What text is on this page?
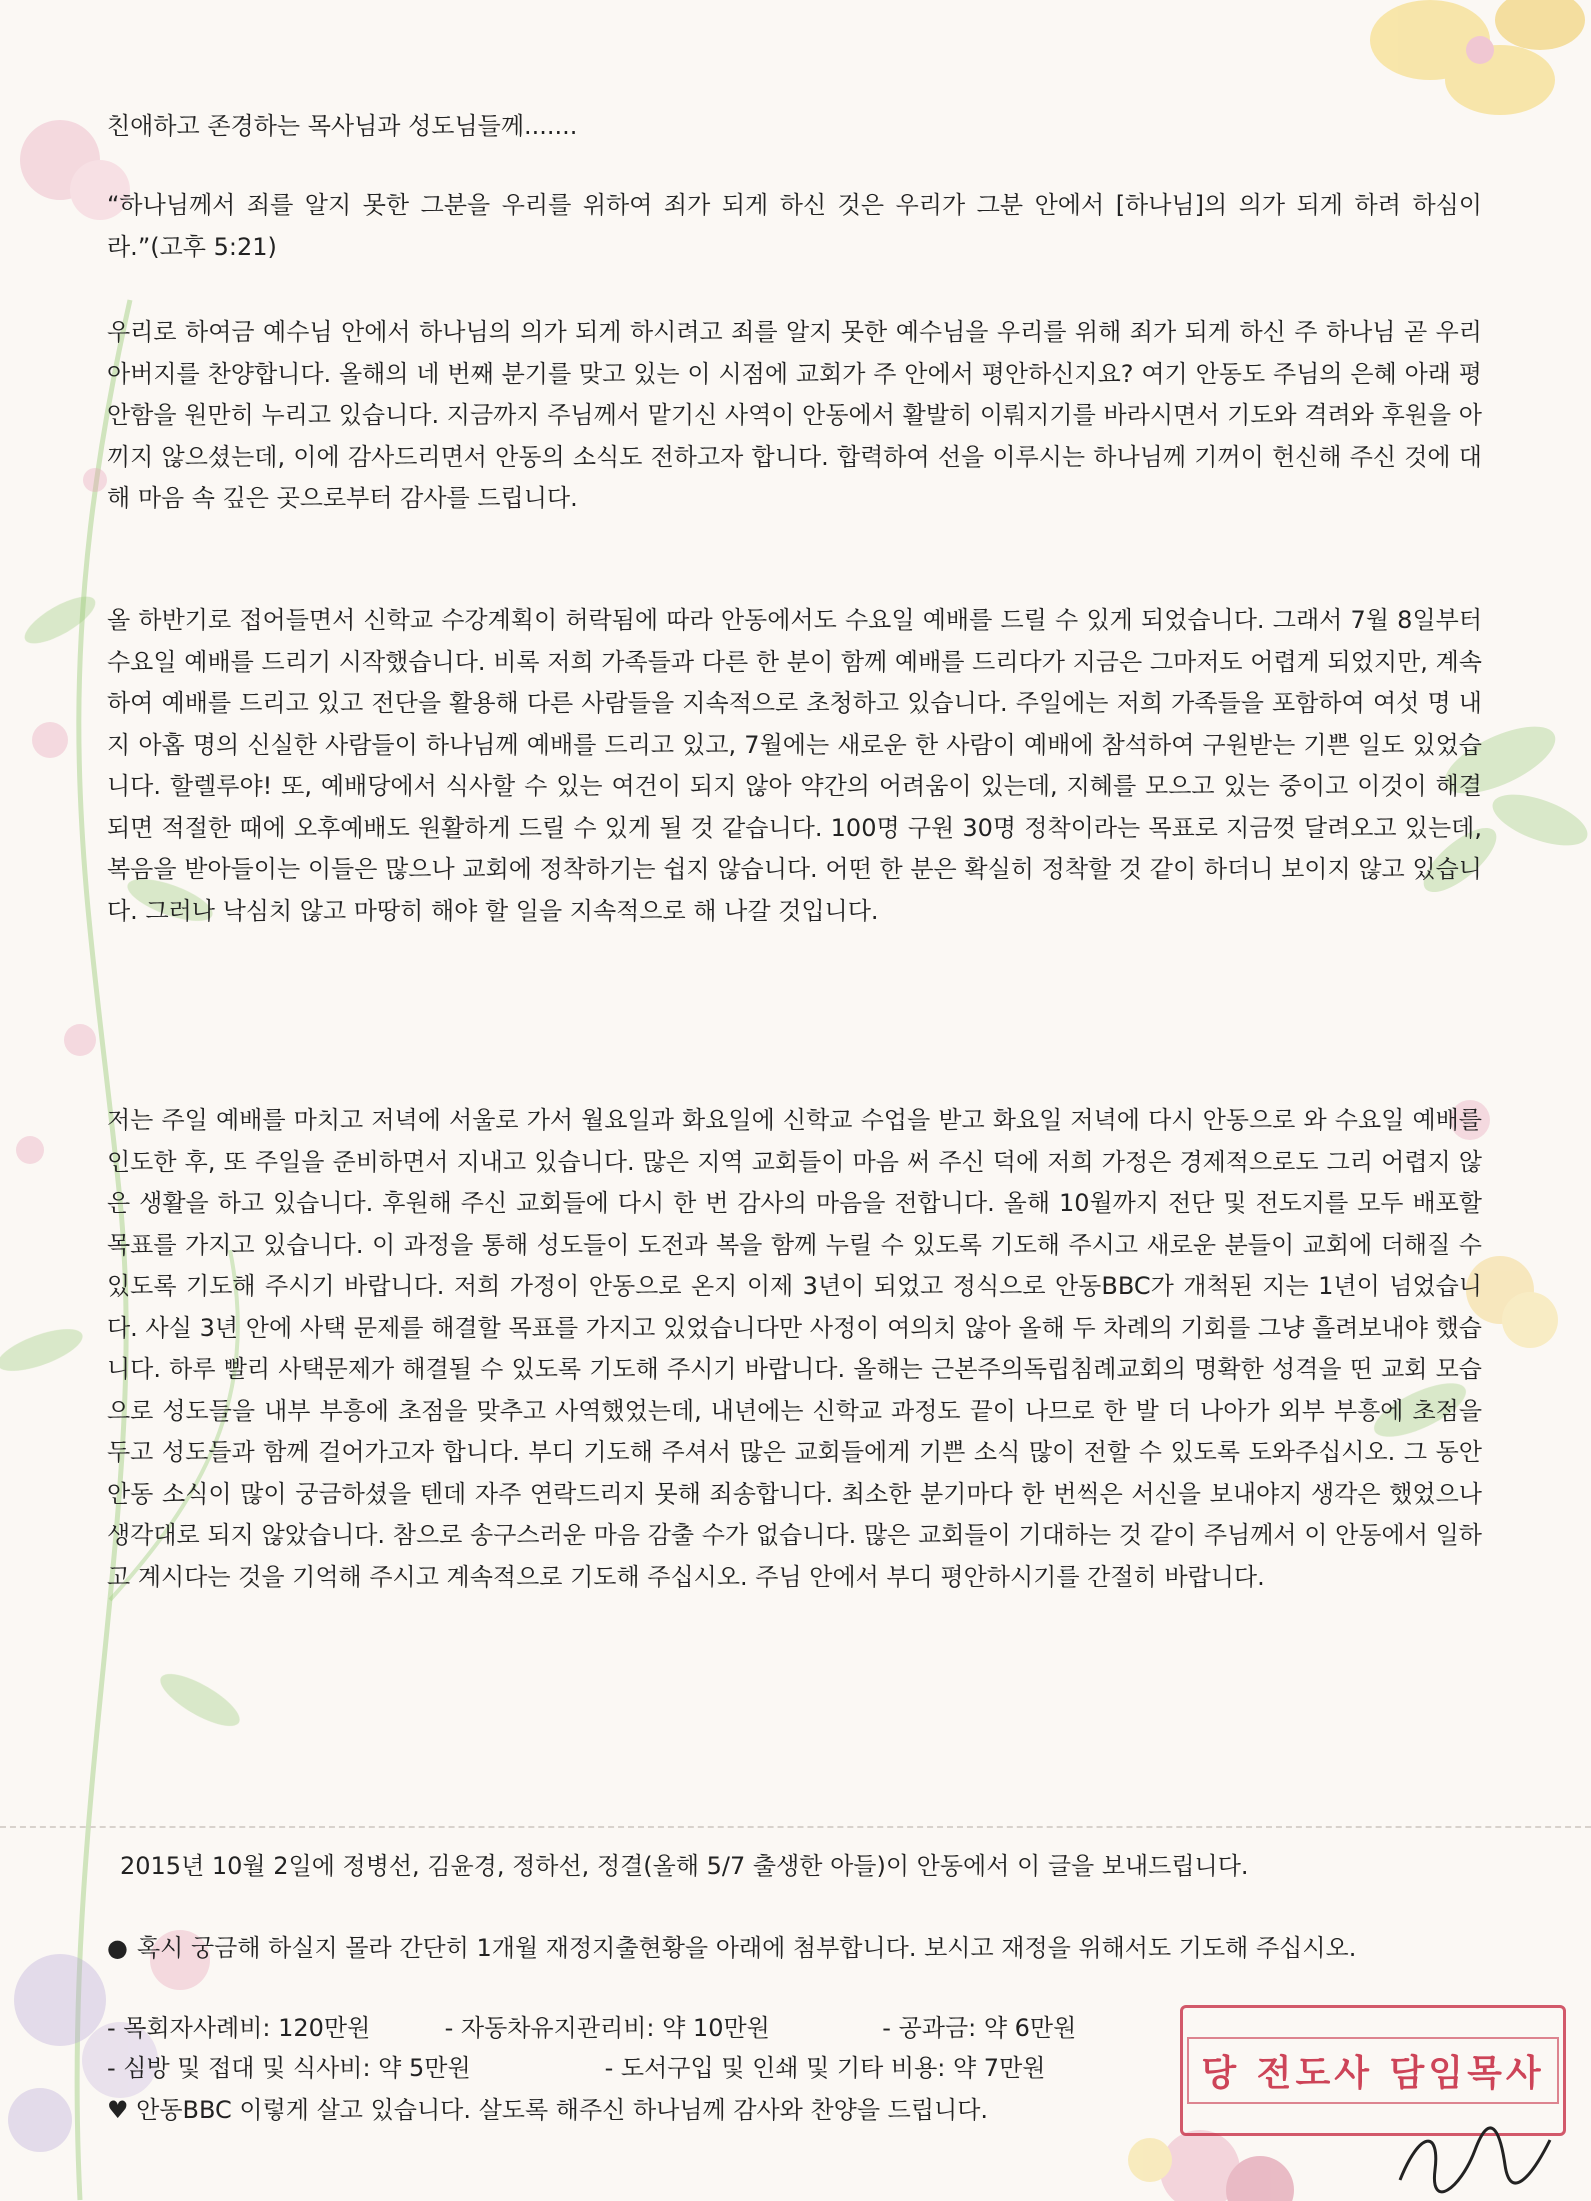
친애하고 존경하는 목사님과 성도님들께.......

“하나님께서 죄를 알지 못한 그분을 우리를 위하여 죄가 되게 하신 것은 우리가 그분 안에서 [하나님]의 의가 되게 하려 하심이라.”(고후 5:21)

우리로 하여금 예수님 안에서 하나님의 의가 되게 하시려고 죄를 알지 못한 예수님을 우리를 위해 죄가 되게 하신 주 하나님 곧 우리 아버지를 찬양합니다. 올해의 네 번째 분기를 맞고 있는 이 시점에 교회가 주 안에서 평안하신지요? 여기 안동도 주님의 은혜 아래 평안함을 원만히 누리고 있습니다. 지금까지 주님께서 맡기신 사역이 안동에서 활발히 이뤄지기를 바라시면서 기도와 격려와 후원을 아끼지 않으셨는데, 이에 감사드리면서 안동의 소식도 전하고자 합니다. 합력하여 선을 이루시는 하나님께 기꺼이 헌신해 주신 것에 대해 마음 속 깊은 곳으로부터 감사를 드립니다.

올 하반기로 접어들면서 신학교 수강계획이 허락됨에 따라 안동에서도 수요일 예배를 드릴 수 있게 되었습니다. 그래서 7월 8일부터 수요일 예배를 드리기 시작했습니다. 비록 저희 가족들과 다른 한 분이 함께 예배를 드리다가 지금은 그마저도 어렵게 되었지만, 계속하여 예배를 드리고 있고 전단을 활용해 다른 사람들을 지속적으로 초청하고 있습니다. 주일에는 저희 가족들을 포함하여 여섯 명 내지 아홉 명의 신실한 사람들이 하나님께 예배를 드리고 있고, 7월에는 새로운 한 사람이 예배에 참석하여 구원받는 기쁜 일도 있었습니다. 할렐루야! 또, 예배당에서 식사할 수 있는 여건이 되지 않아 약간의 어려움이 있는데, 지혜를 모으고 있는 중이고 이것이 해결되면 적절한 때에 오후예배도 원활하게 드릴 수 있게 될 것 같습니다. 100명 구원 30명 정착이라는 목표로 지금껏 달려오고 있는데, 복음을 받아들이는 이들은 많으나 교회에 정착하기는 쉽지 않습니다. 어떤 한 분은 확실히 정착할 것 같이 하더니 보이지 않고 있습니다. 그러나 낙심치 않고 마땅히 해야 할 일을 지속적으로 해 나갈 것입니다.

저는 주일 예배를 마치고 저녁에 서울로 가서 월요일과 화요일에 신학교 수업을 받고 화요일 저녁에 다시 안동으로 와 수요일 예배를 인도한 후, 또 주일을 준비하면서 지내고 있습니다. 많은 지역 교회들이 마음 써 주신 덕에 저희 가정은 경제적으로도 그리 어렵지 않은 생활을 하고 있습니다. 후원해 주신 교회들에 다시 한 번 감사의 마음을 전합니다. 올해 10월까지 전단 및 전도지를 모두 배포할 목표를 가지고 있습니다. 이 과정을 통해 성도들이 도전과 복을 함께 누릴 수 있도록 기도해 주시고 새로운 분들이 교회에 더해질 수 있도록 기도해 주시기 바랍니다. 저희 가정이 안동으로 온지 이제 3년이 되었고 정식으로 안동BBC가 개척된 지는 1년이 넘었습니다. 사실 3년 안에 사택 문제를 해결할 목표를 가지고 있었습니다만 사정이 여의치 않아 올해 두 차례의 기회를 그냥 흘려보내야 했습니다. 하루 빨리 사택문제가 해결될 수 있도록 기도해 주시기 바랍니다. 올해는 근본주의독립침례교회의 명확한 성격을 띤 교회 모습으로 성도들을 내부 부흥에 초점을 맞추고 사역했었는데, 내년에는 신학교 과정도 끝이 나므로 한 발 더 나아가 외부 부흥에 초점을 두고 성도들과 함께 걸어가고자 합니다. 부디 기도해 주셔서 많은 교회들에게 기쁜 소식 많이 전할 수 있도록 도와주십시오. 그 동안 안동 소식이 많이 궁금하셨을 텐데 자주 연락드리지 못해 죄송합니다. 최소한 분기마다 한 번씩은 서신을 보내야지 생각은 했었으나 생각대로 되지 않았습니다. 참으로 송구스러운 마음 감출 수가 없습니다. 많은 교회들이 기대하는 것 같이 주님께서 이 안동에서 일하고 계시다는 것을 기억해 주시고 계속적으로 기도해 주십시오. 주님 안에서 부디 평안하시기를 간절히 바랍니다.

2015년 10월 2일에 정병선, 김윤경, 정하선, 정결(올해 5/7 출생한 아들)이 안동에서 이 글을 보내드립니다.
● 혹시 궁금해 하실지 몰라 간단히 1개월 재정지출현황을 아래에 첨부합니다. 보시고 재정을 위해서도 기도해 주십시오.
- 목회자사례비: 120만원	- 자동차유지관리비: 약 10만원	- 공과금: 약 6만원
- 심방 및 접대 및 식사비: 약 5만원	- 도서구입 및 인쇄 및 기타 비용: 약 7만원
♥ 안동BBC 이렇게 살고 있습니다. 살도록 해주신 하나님께 감사와 찬양을 드립니다.
당 전도사 담임목사
